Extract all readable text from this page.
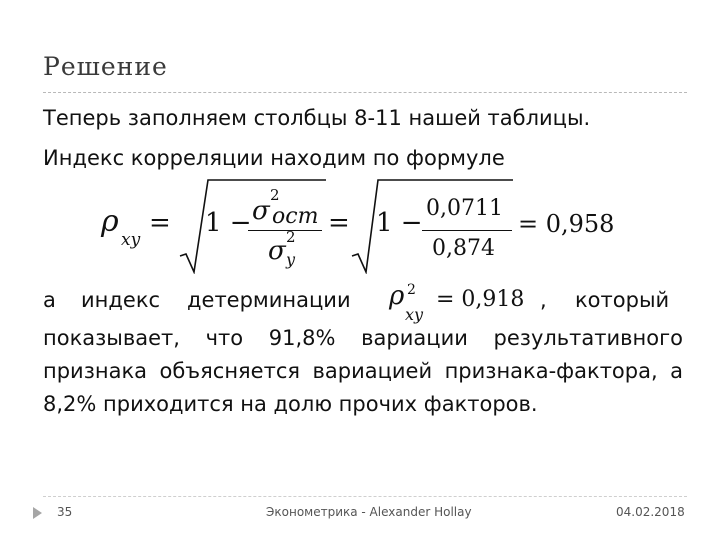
Решение
Теперь заполняем столбцы 8-11 нашей таблицы.
Индекс корреляции находим по формуле
ρ
xy
= 1 − σ
2
ост
σ 2
y
= 1 − 0,0711
0,874
= 0,958
а индекс детерминации ρ 2
xy
= 0,918 , который
показывает, что 91,8% вариации результативного признака объясняется вариацией признака-фактора, а 8,2% приходится на долю прочих факторов.
35	Эконометрика - Alexander Hollay	04.02.2018
